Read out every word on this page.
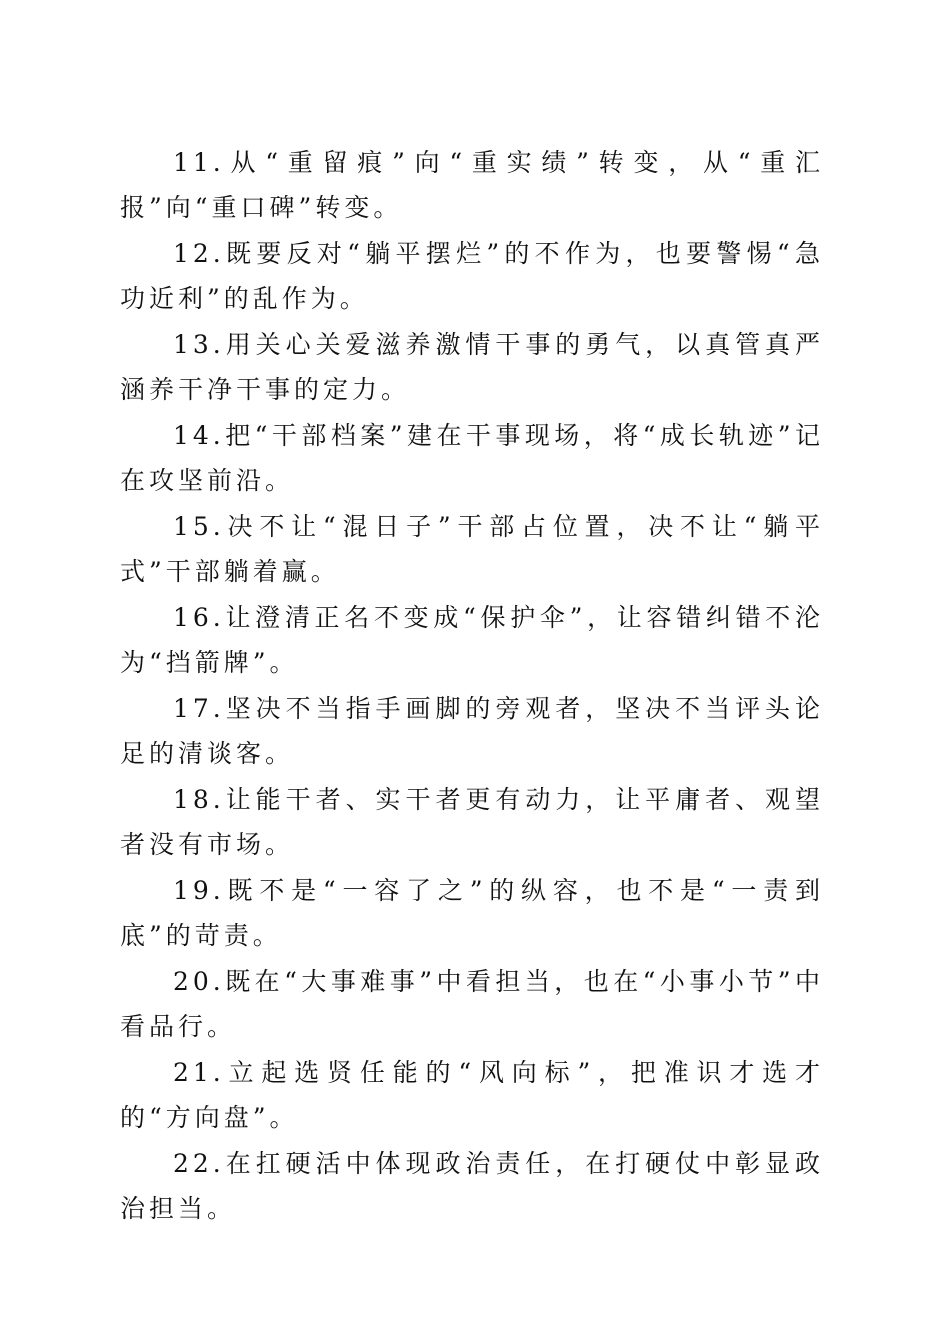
11.从“重留痕”向“重实绩”转变，从“重汇报”向“重口碑”转变。

12.既要反对“躺平摆烂”的不作为，也要警惕“急功近利”的乱作为。

13.用关心关爱滋养激情干事的勇气，以真管真严涵养干净干事的定力。

14.把“干部档案”建在干事现场，将“成长轨迹”记在攻坚前沿。

15.决不让“混日子”干部占位置，决不让“躺平式”干部躺着赢。

16.让澄清正名不变成“保护伞”，让容错纠错不沦为“挡箭牌”。

17.坚决不当指手画脚的旁观者，坚决不当评头论足的清谈客。

18.让能干者、实干者更有动力，让平庸者、观望者没有市场。

19.既不是“一容了之”的纵容，也不是“一责到底”的苛责。

20.既在“大事难事”中看担当，也在“小事小节”中看品行。

21.立起选贤任能的“风向标”，把准识才选才的“方向盘”。

22.在扛硬活中体现政治责任，在打硬仗中彰显政治担当。
